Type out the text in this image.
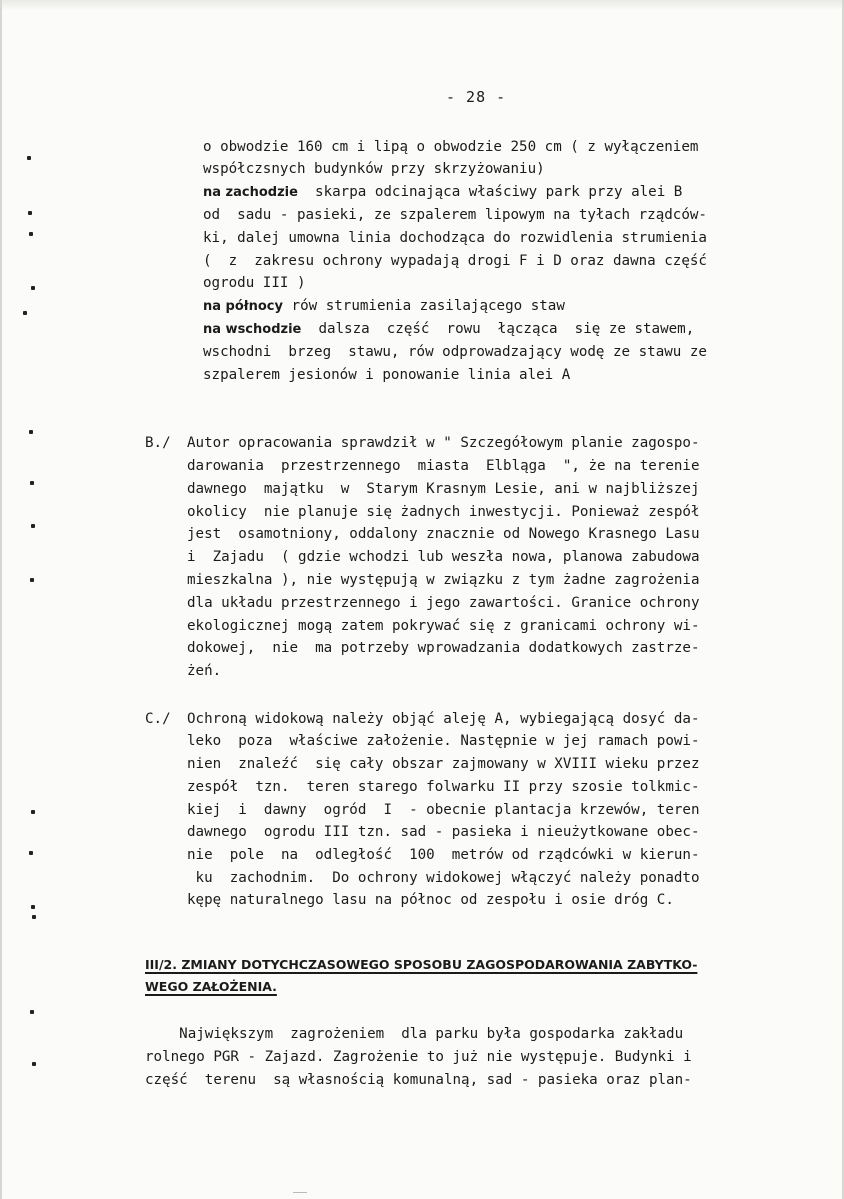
- 28 -
o obwodzie 160 cm i lipą o obwodzie 250 cm ( z wyłączeniem
współczsnych budynków przy skrzyżowaniu)
na zachodzie skarpa odcinająca właściwy park przy alei B
od  sadu - pasieki, ze szpalerem lipowym na tyłach rządców-
ki, dalej umowna linia dochodząca do rozwidlenia strumienia
(  z  zakresu ochrony wypadają drogi F i D oraz dawna część
ogrodu III )
na północy rów strumienia zasilającego staw
na wschodzie dalsza  część  rowu  łącząca  się ze stawem,
wschodni  brzeg  stawu, rów odprowadzający wodę ze stawu ze
szpalerem jesionów i ponowanie linia alei A
B./ Autor opracowania sprawdził w " Szczegółowym planie zagospo-
darowania  przestrzennego  miasta  Elbląga  ", że na terenie
dawnego  majątku  w  Starym Krasnym Lesie, ani w najbliższej
okolicy  nie planuje się żadnych inwestycji. Ponieważ zespół
jest  osamotniony, oddalony znacznie od Nowego Krasnego Lasu
i  Zajadu  ( gdzie wchodzi lub weszła nowa, planowa zabudowa
mieszkalna ), nie występują w związku z tym żadne zagrożenia
dla układu przestrzennego i jego zawartości. Granice ochrony
ekologicznej mogą zatem pokrywać się z granicami ochrony wi-
dokowej,  nie  ma potrzeby wprowadzania dodatkowych zastrze-
żeń.
C./ Ochroną widokową należy objąć aleję A, wybiegającą dosyć da-
leko  poza  właściwe założenie. Następnie w jej ramach powi-
nien  znaleźć  się cały obszar zajmowany w XVIII wieku przez
zespół  tzn.  teren starego folwarku II przy szosie tolkmic-
kiej  i  dawny  ogród  I  - obecnie plantacja krzewów, teren
dawnego  ogrodu III tzn. sad - pasieka i nieużytkowane obec-
nie  pole  na  odległość  100  metrów od rządcówki w kierun-
ku  zachodnim.  Do ochrony widokowej włączyć należy ponadto
kępę naturalnego lasu na północ od zespołu i osie dróg C.
III/2. ZMIANY DOTYCHCZASOWEGO SPOSOBU ZAGOSPODAROWANIA ZABYTKO-
WEGO ZAŁOŻENIA.
Największym  zagrożeniem  dla parku była gospodarka zakładu
rolnego PGR - Zajazd. Zagrożenie to już nie występuje. Budynki i
część  terenu  są własnością komunalną, sad - pasieka oraz plan-
